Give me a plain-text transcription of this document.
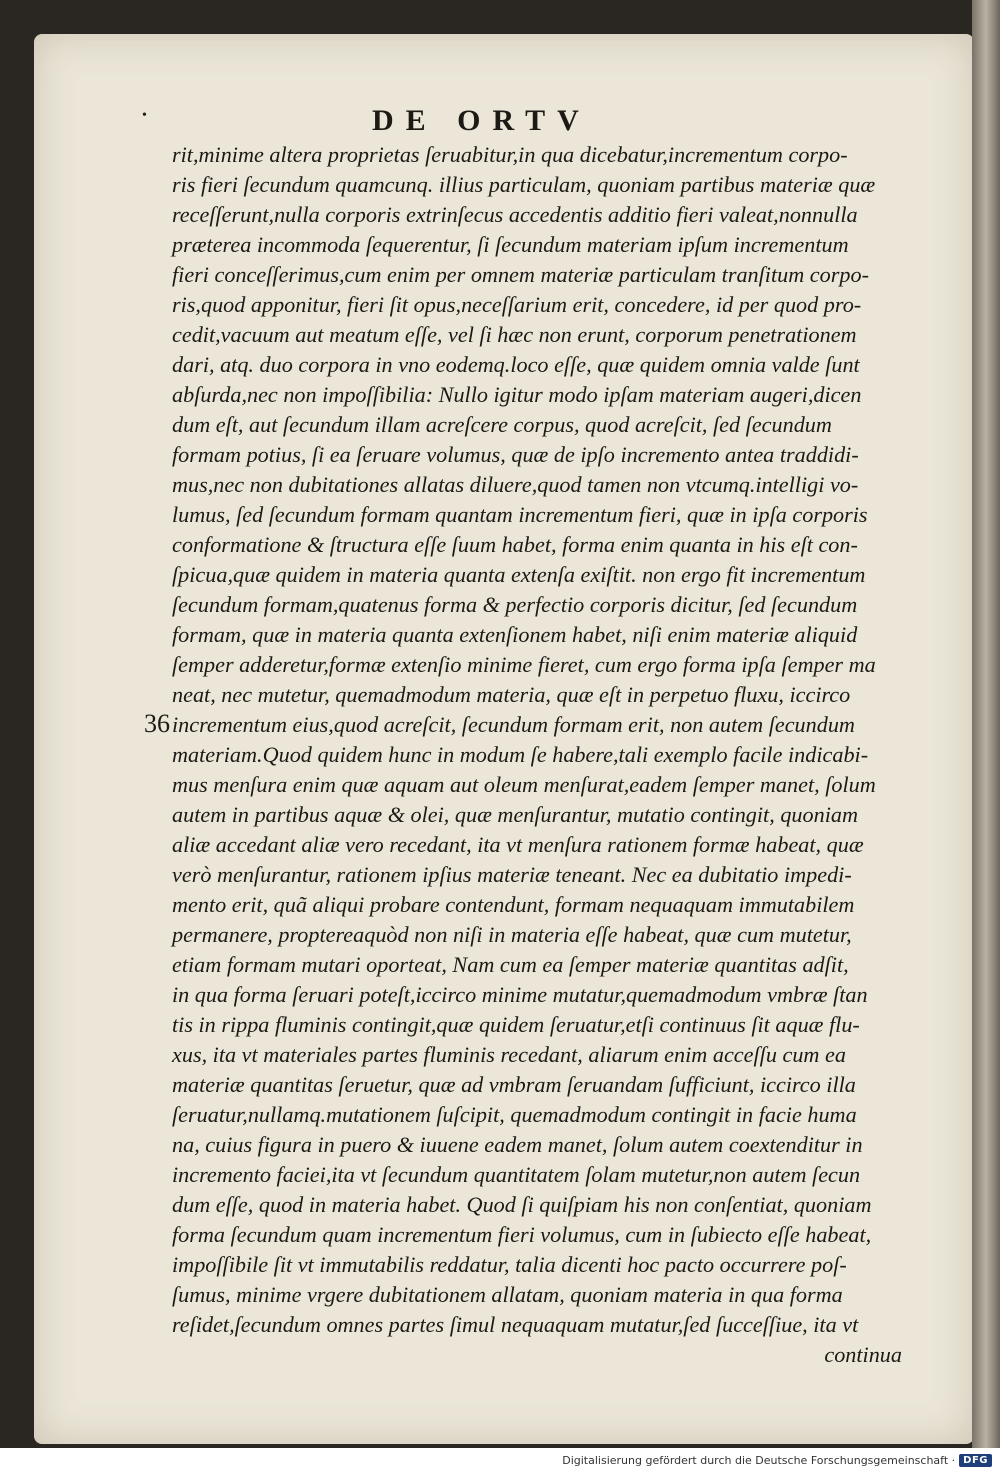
•	DE ORTV
36
rit,minime altera proprietas ſeruabitur,in qua dicebatur,incrementum corpo-
ris fieri ſecundum quamcunq. illius particulam, quoniam partibus materiæ quæ
receſſerunt,nulla corporis extrinſecus accedentis additio fieri valeat,nonnulla
præterea incommoda ſequerentur, ſi ſecundum materiam ipſum incrementum
fieri conceſſerimus,cum enim per omnem materiæ particulam tranſitum corpo-
ris,quod apponitur, fieri ſit opus,neceſſarium erit, concedere, id per quod pro-
cedit,vacuum aut meatum eſſe, vel ſi hæc non erunt, corporum penetrationem
dari, atq. duo corpora in vno eodemq.loco eſſe, quæ quidem omnia valde ſunt
abſurda,nec non impoſſibilia: Nullo igitur modo ipſam materiam augeri,dicen
dum eſt, aut ſecundum illam acreſcere corpus, quod acreſcit, ſed ſecundum
formam potius, ſi ea ſeruare volumus, quæ de ipſo incremento antea traddidi-
mus,nec non dubitationes allatas diluere,quod tamen non vtcumq.intelligi vo-
lumus, ſed ſecundum formam quantam incrementum fieri, quæ in ipſa corporis
conformatione & ſtructura eſſe ſuum habet, forma enim quanta in his eſt con-
ſpicua,quæ quidem in materia quanta extenſa exiſtit. non ergo fit incrementum
ſecundum formam,quatenus forma & perfectio corporis dicitur, ſed ſecundum
formam, quæ in materia quanta extenſionem habet, niſi enim materiæ aliquid
ſemper adderetur,formæ extenſio minime fieret, cum ergo forma ipſa ſemper ma
neat, nec mutetur, quemadmodum materia, quæ eſt in perpetuo fluxu, iccirco
incrementum eius,quod acreſcit, ſecundum formam erit, non autem ſecundum
materiam.Quod quidem hunc in modum ſe habere,tali exemplo facile indicabi-
mus menſura enim quæ aquam aut oleum menſurat,eadem ſemper manet, ſolum
autem in partibus aquæ & olei, quæ menſurantur, mutatio contingit, quoniam
aliæ accedant aliæ vero recedant, ita vt menſura rationem formæ habeat, quæ
verò menſurantur, rationem ipſius materiæ teneant. Nec ea dubitatio impedi-
mento erit, quã aliqui probare contendunt, formam nequaquam immutabilem
permanere, proptereaquòd non niſi in materia eſſe habeat, quæ cum mutetur,
etiam formam mutari oporteat, Nam cum ea ſemper materiæ quantitas adſit,
in qua forma ſeruari poteſt,iccirco minime mutatur,quemadmodum vmbræ ſtan
tis in rippa fluminis contingit,quæ quidem ſeruatur,etſi continuus ſit aquæ flu-
xus, ita vt materiales partes fluminis recedant, aliarum enim acceſſu cum ea
materiæ quantitas ſeruetur, quæ ad vmbram ſeruandam ſufficiunt, iccirco illa
ſeruatur,nullamq.mutationem ſuſcipit, quemadmodum contingit in facie huma
na, cuius figura in puero & iuuene eadem manet, ſolum autem coextenditur in
incremento faciei,ita vt ſecundum quantitatem ſolam mutetur,non autem ſecun
dum eſſe, quod in materia habet. Quod ſi quiſpiam his non conſentiat, quoniam
forma ſecundum quam incrementum fieri volumus, cum in ſubiecto eſſe habeat,
impoſſibile ſit vt immutabilis reddatur, talia dicenti hoc pacto occurrere poſ-
ſumus, minime vrgere dubitationem allatam, quoniam materia in qua forma
reſidet,ſecundum omnes partes ſimul nequaquam mutatur,ſed ſucceſſiue, ita vt
continua
Digitalisierung gefördert durch die Deutsche Forschungsgemeinschaft · DFG
